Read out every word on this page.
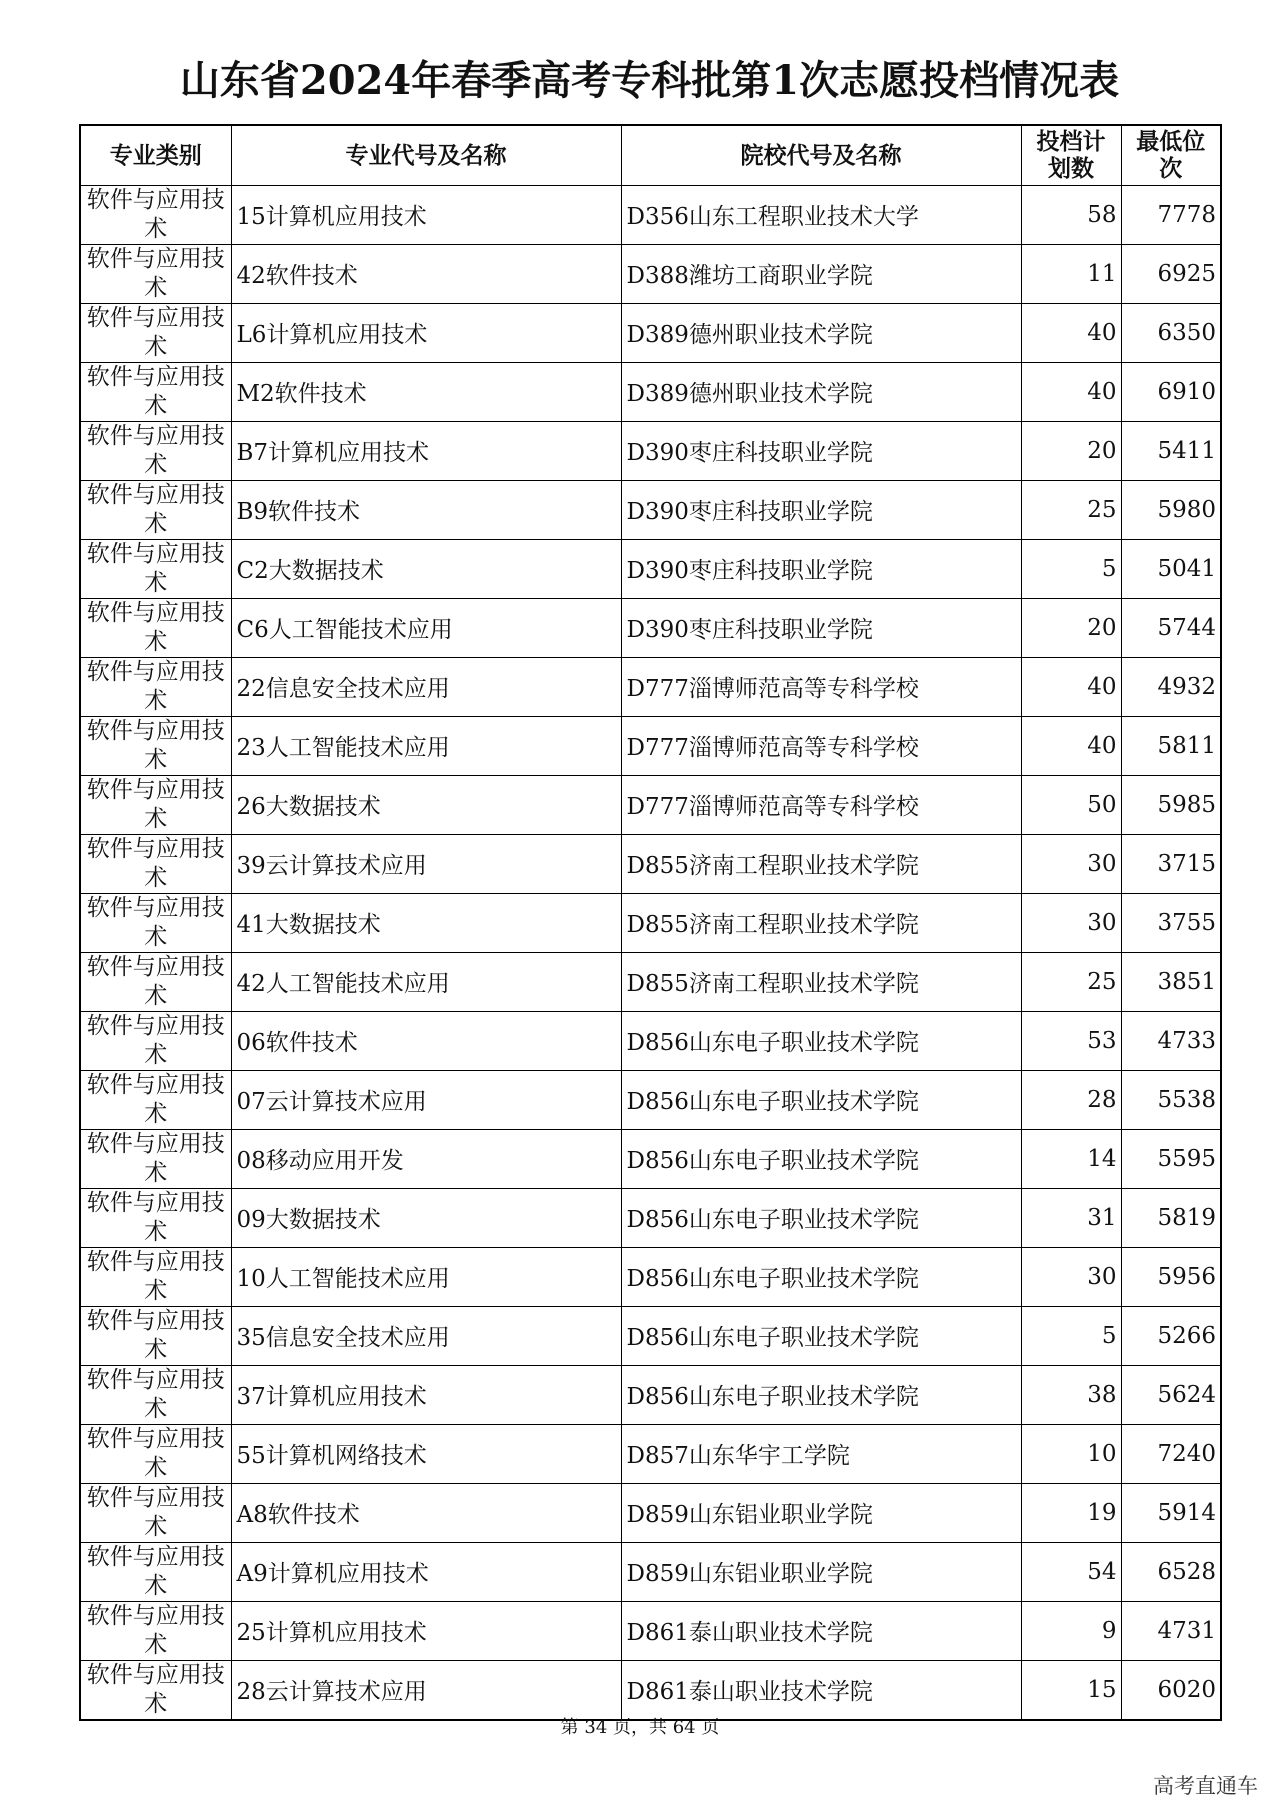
山东省2024年春季高考专科批第1次志愿投档情况表
专业类别	专业代号及名称	院校代号及名称	投档计划数	最低位次
软件与应用技术	15计算机应用技术	D356山东工程职业技术大学	58	7778
软件与应用技术	42软件技术	D388潍坊工商职业学院	11	6925
软件与应用技术	L6计算机应用技术	D389德州职业技术学院	40	6350
软件与应用技术	M2软件技术	D389德州职业技术学院	40	6910
软件与应用技术	B7计算机应用技术	D390枣庄科技职业学院	20	5411
软件与应用技术	B9软件技术	D390枣庄科技职业学院	25	5980
软件与应用技术	C2大数据技术	D390枣庄科技职业学院	5	5041
软件与应用技术	C6人工智能技术应用	D390枣庄科技职业学院	20	5744
软件与应用技术	22信息安全技术应用	D777淄博师范高等专科学校	40	4932
软件与应用技术	23人工智能技术应用	D777淄博师范高等专科学校	40	5811
软件与应用技术	26大数据技术	D777淄博师范高等专科学校	50	5985
软件与应用技术	39云计算技术应用	D855济南工程职业技术学院	30	3715
软件与应用技术	41大数据技术	D855济南工程职业技术学院	30	3755
软件与应用技术	42人工智能技术应用	D855济南工程职业技术学院	25	3851
软件与应用技术	06软件技术	D856山东电子职业技术学院	53	4733
软件与应用技术	07云计算技术应用	D856山东电子职业技术学院	28	5538
软件与应用技术	08移动应用开发	D856山东电子职业技术学院	14	5595
软件与应用技术	09大数据技术	D856山东电子职业技术学院	31	5819
软件与应用技术	10人工智能技术应用	D856山东电子职业技术学院	30	5956
软件与应用技术	35信息安全技术应用	D856山东电子职业技术学院	5	5266
软件与应用技术	37计算机应用技术	D856山东电子职业技术学院	38	5624
软件与应用技术	55计算机网络技术	D857山东华宇工学院	10	7240
软件与应用技术	A8软件技术	D859山东铝业职业学院	19	5914
软件与应用技术	A9计算机应用技术	D859山东铝业职业学院	54	6528
软件与应用技术	25计算机应用技术	D861泰山职业技术学院	9	4731
软件与应用技术	28云计算技术应用	D861泰山职业技术学院	15	6020
第 34 页，共 64 页
高考直通车
